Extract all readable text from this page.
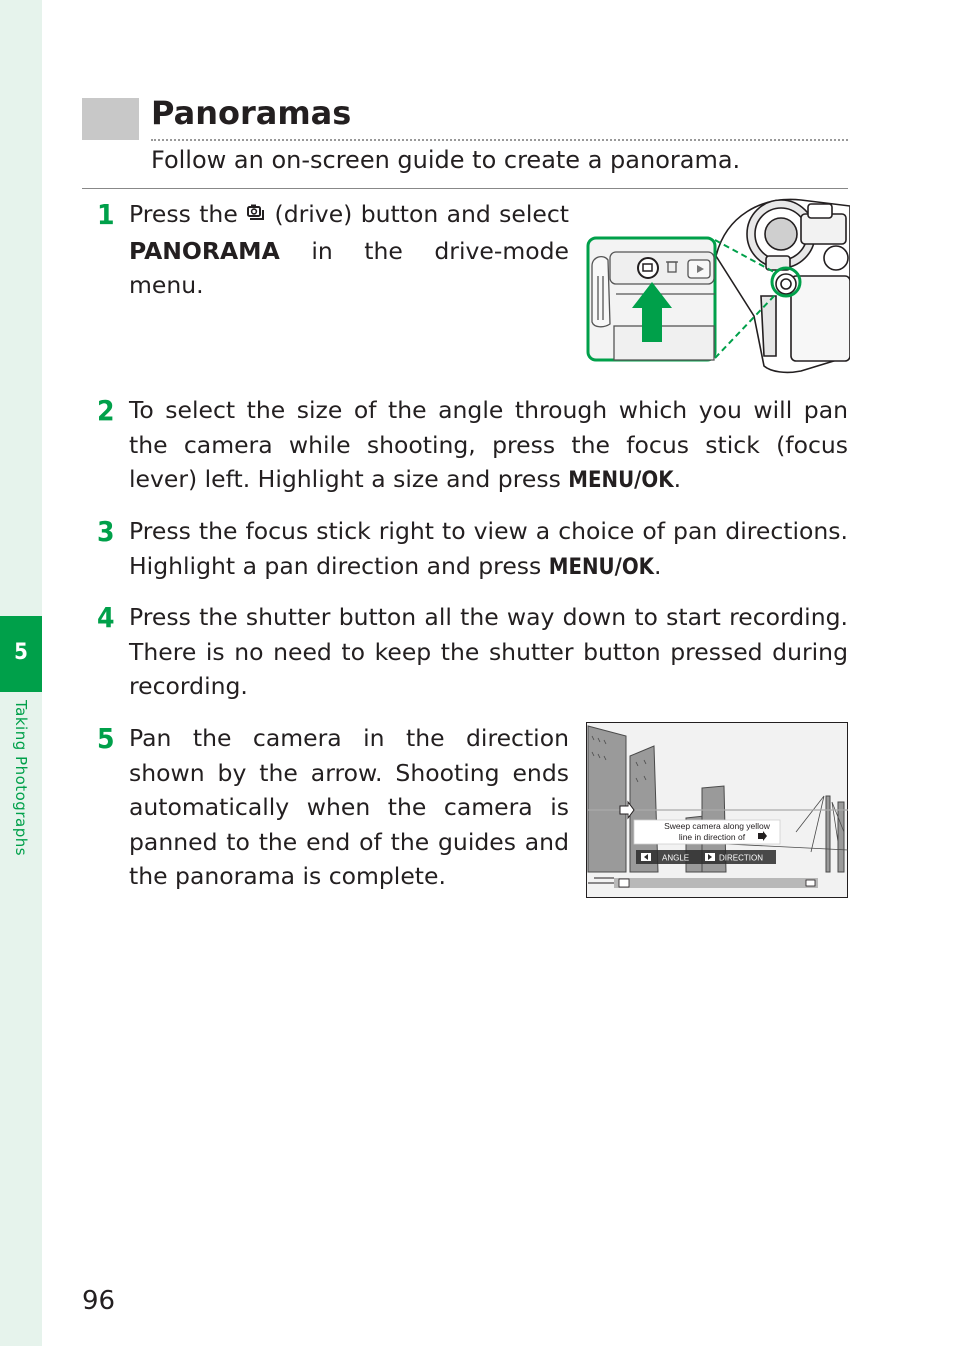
5
Taking Photographs
Panoramas

Follow an on-screen guide to create a panorama.

1 Press the (drive) button and select PANORAMA in the drive-mode menu.

2 To select the size of the angle through which you will pan the camera while shooting, press the focus stick (focus lever) left. Highlight a size and press MENU/OK.

3 Press the focus stick right to view a choice of pan directions. Highlight a pan direction and press MENU/OK.

4 Press the shutter button all the way down to start recording. There is no need to keep the shutter button pressed during recording.

5 Pan the camera in the direction shown by the arrow. Shooting ends automatically when the camera is panned to the end of the guides and the panorama is complete.

Sweep camera along yellow
line in direction of
ANGLE	DIRECTION
96
